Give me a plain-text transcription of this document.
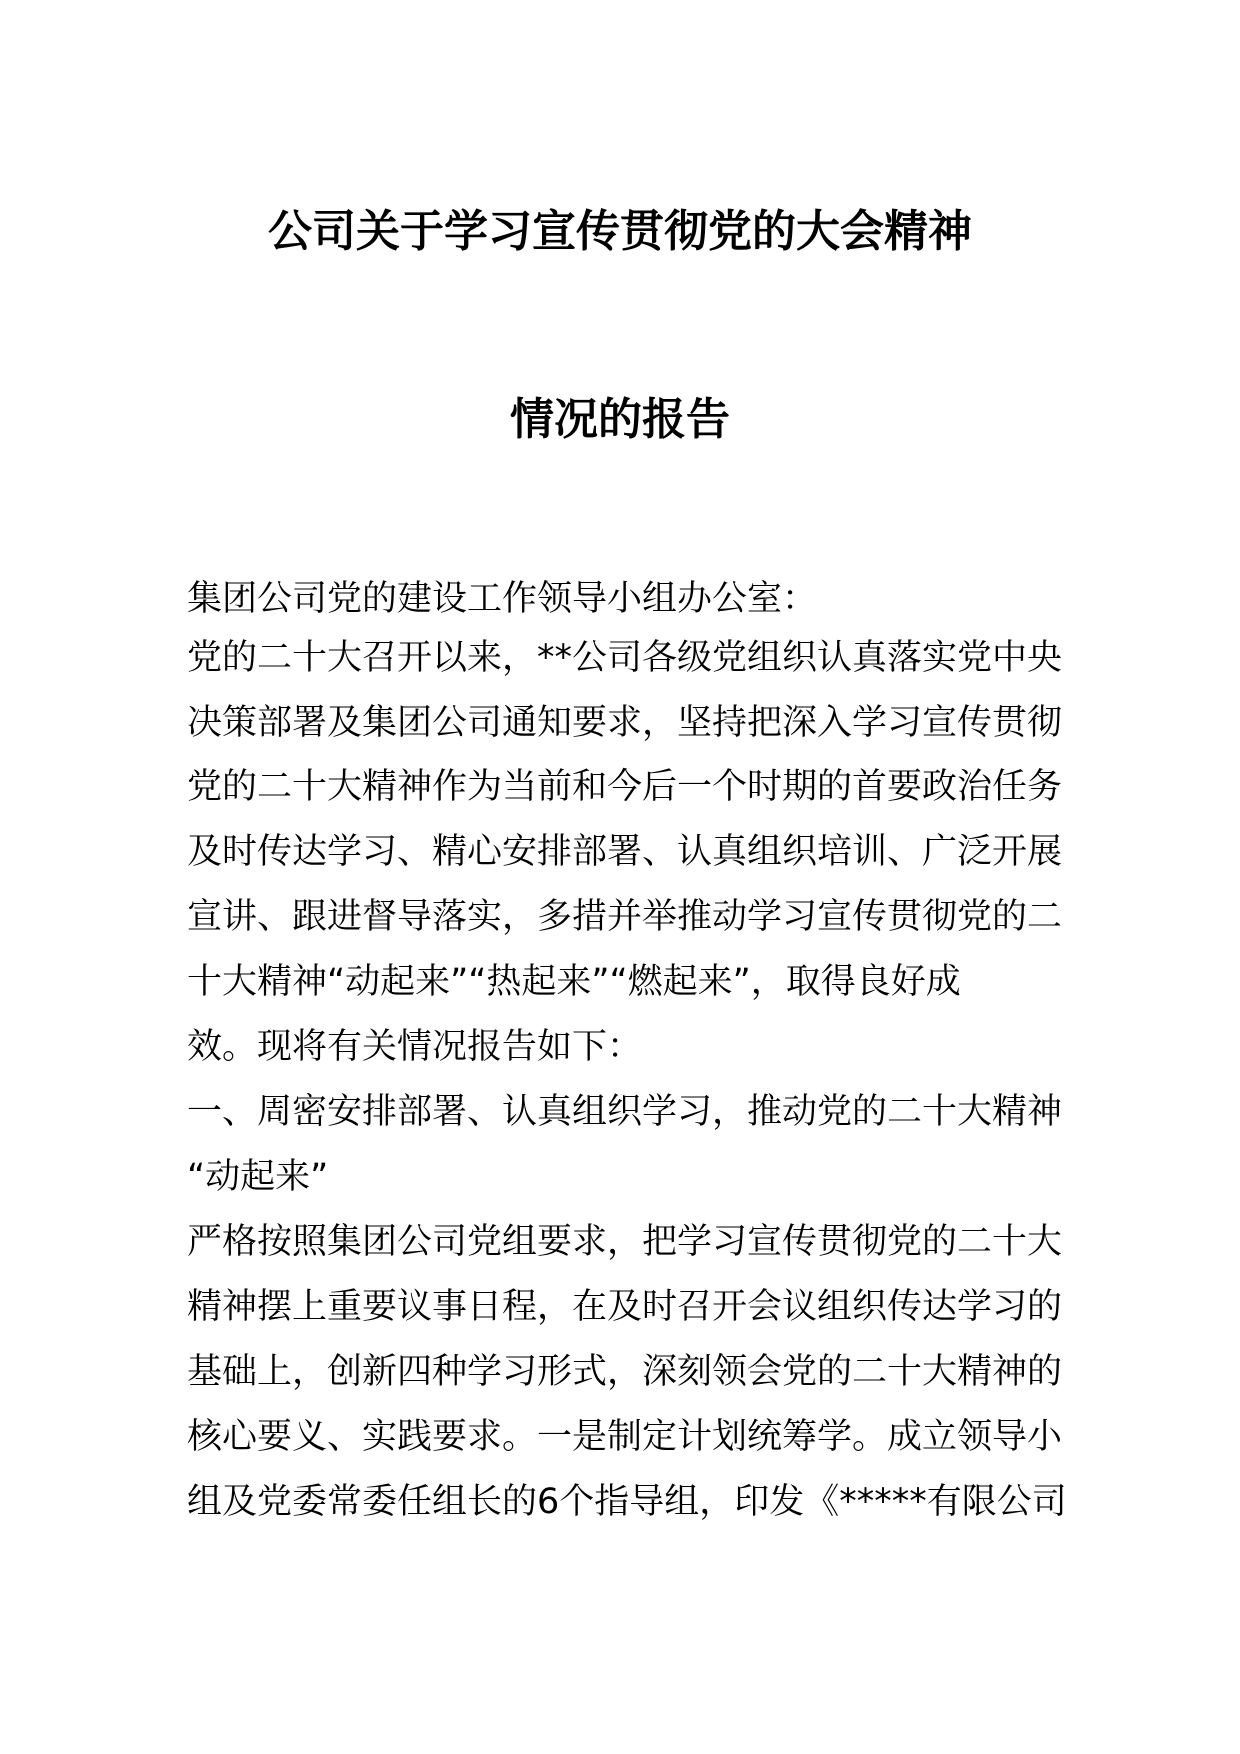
公司关于学习宣传贯彻党的大会精神
情况的报告
集团公司党的建设工作领导小组办公室：
党的二十大召开以来，**公司各级党组织认真落实党中央
决策部署及集团公司通知要求，坚持把深入学习宣传贯彻
党的二十大精神作为当前和今后一个时期的首要政治任务
及时传达学习、精心安排部署、认真组织培训、广泛开展
宣讲、跟进督导落实，多措并举推动学习宣传贯彻党的二
十大精神“动起来”“热起来”“燃起来”，取得良好成
效。现将有关情况报告如下：
一、周密安排部署、认真组织学习，推动党的二十大精神
“动起来”
严格按照集团公司党组要求，把学习宣传贯彻党的二十大
精神摆上重要议事日程，在及时召开会议组织传达学习的
基础上，创新四种学习形式，深刻领会党的二十大精神的
核心要义、实践要求。一是制定计划统筹学。成立领导小
组及党委常委任组长的6个指导组，印发《*****有限公司
